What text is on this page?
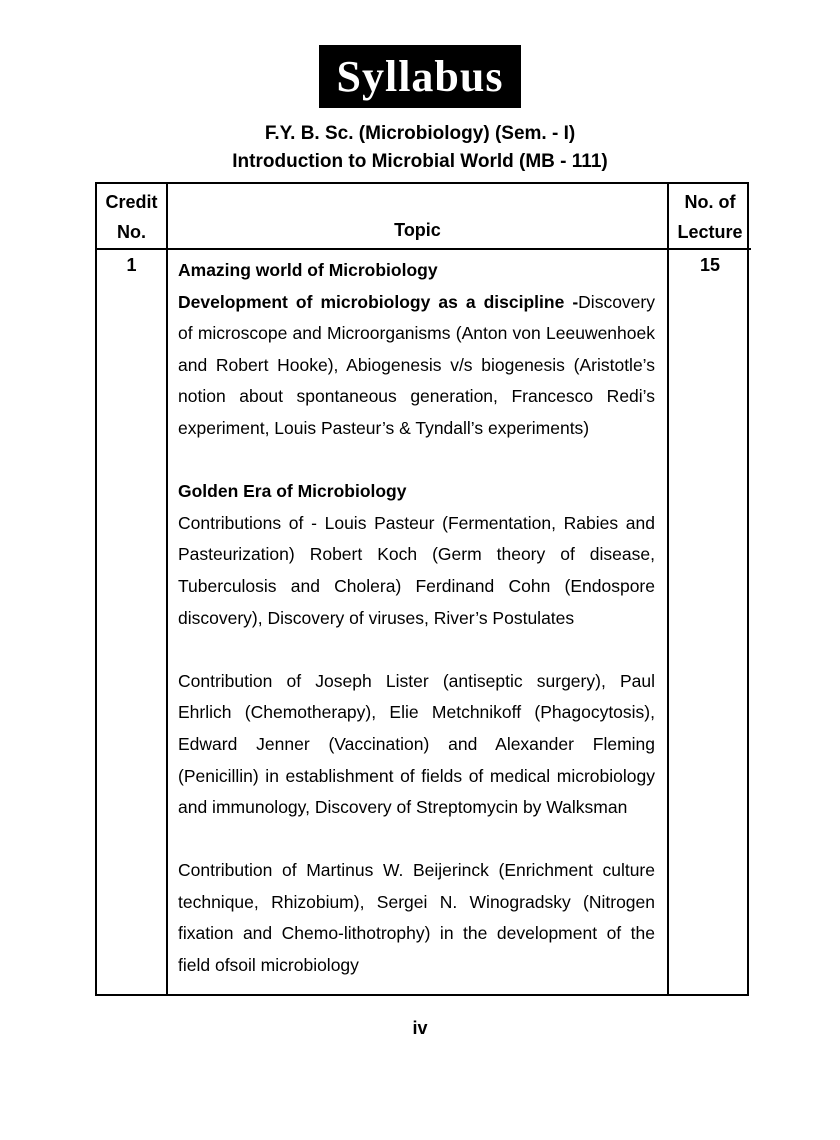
Syllabus
F.Y. B. Sc. (Microbiology) (Sem. - I)
Introduction to Microbial World (MB - 111)
Credit
No.	Topic
No. of
Lecture
1	Amazing world of Microbiology

Development of microbiology as a discipline -Discovery of microscope and Microorganisms (Anton von Leeuwenhoek and Robert Hooke), Abiogenesis v/s biogenesis (Aristotle’s notion about spontaneous generation, Francesco Redi’s experiment, Louis Pasteur’s & Tyndall’s experiments)

Golden Era of Microbiology

Contributions of - Louis Pasteur (Fermentation, Rabies and Pasteurization) Robert Koch (Germ theory of disease, Tuberculosis and Cholera) Ferdinand Cohn (Endospore discovery), Discovery of viruses, River’s Postulates

Contribution of Joseph Lister (antiseptic surgery), Paul Ehrlich (Chemotherapy), Elie Metchnikoff (Phagocytosis), Edward Jenner (Vaccination) and Alexander Fleming (Penicillin) in establishment of fields of medical microbiology and immunology, Discovery of Streptomycin by Walksman

Contribution of Martinus W. Beijerinck (Enrichment culture technique, Rhizobium), Sergei N. Winogradsky (Nitrogen fixation and Chemo-lithotrophy) in the development of the field ofsoil microbiology

15
iv
